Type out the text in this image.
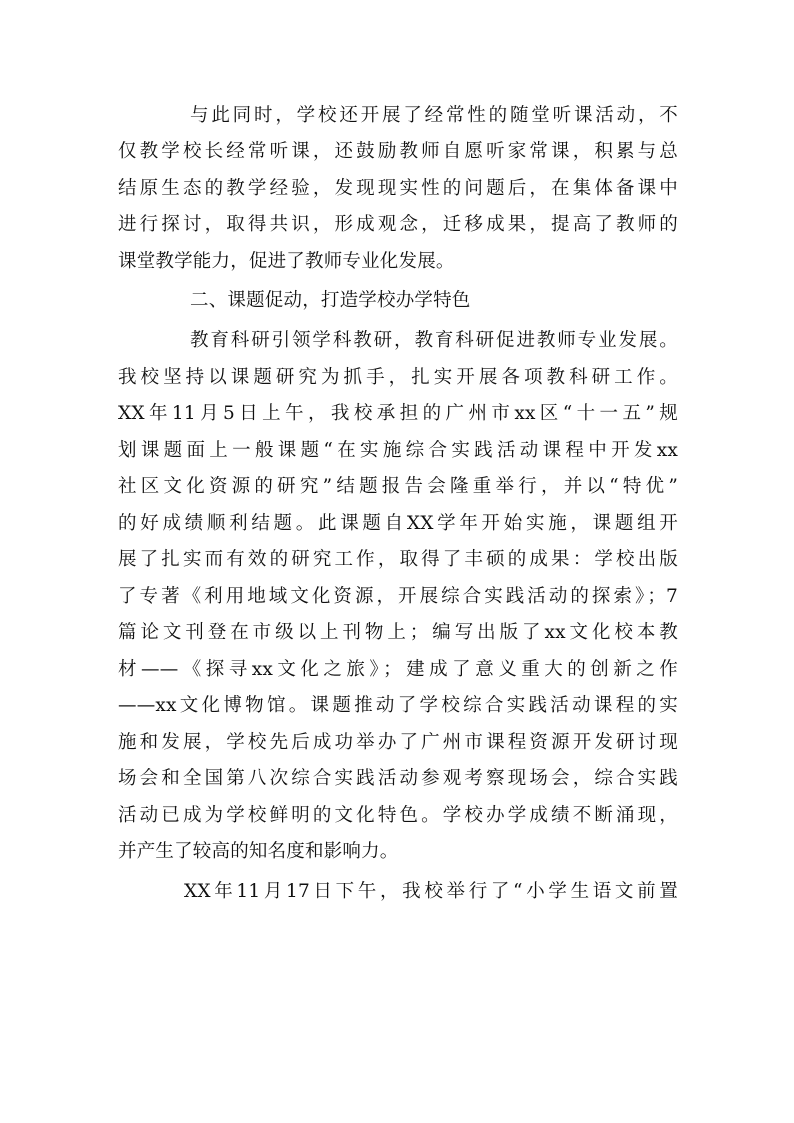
与此同时，学校还开展了经常性的随堂听课活动，不
仅教学校长经常听课，还鼓励教师自愿听家常课，积累与总
结原生态的教学经验，发现现实性的问题后，在集体备课中
进行探讨，取得共识，形成观念，迁移成果，提高了教师的
课堂教学能力，促进了教师专业化发展。
二、课题促动，打造学校办学特色
教育科研引领学科教研，教育科研促进教师专业发展。
我校坚持以课题研究为抓手，扎实开展各项教科研工作。
XX年11月5日上午，我校承担的广州市xx区“十一五”规
划课题面上一般课题“在实施综合实践活动课程中开发xx
社区文化资源的研究”结题报告会隆重举行，并以“特优”
的好成绩顺利结题。此课题自XX学年开始实施，课题组开
展了扎实而有效的研究工作，取得了丰硕的成果：学校出版
了专著《利用地域文化资源，开展综合实践活动的探索》；7
篇论文刊登在市级以上刊物上；编写出版了xx文化校本教
材——《探寻xx文化之旅》；建成了意义重大的创新之作
——xx文化博物馆。课题推动了学校综合实践活动课程的实
施和发展，学校先后成功举办了广州市课程资源开发研讨现
场会和全国第八次综合实践活动参观考察现场会，综合实践
活动已成为学校鲜明的文化特色。学校办学成绩不断涌现，
并产生了较高的知名度和影响力。
XX年11月17日下午，我校举行了“小学生语文前置
